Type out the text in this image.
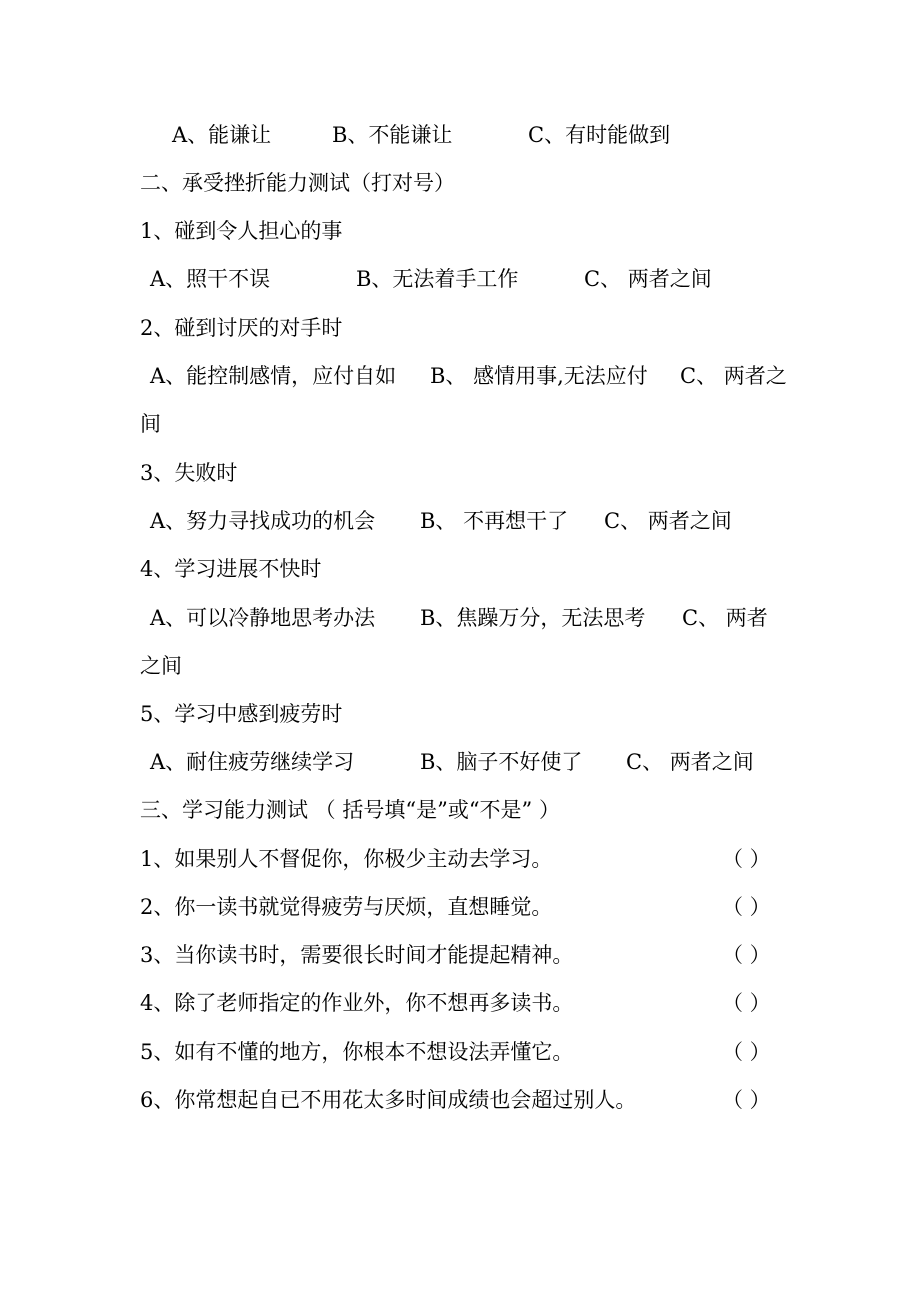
A、能谦让	B、不能谦让	C、有时能做到
二、承受挫折能力测试（打对号）
1、碰到令人担心的事
A、照干不误	B、无法着手工作	C、 两者之间
2、碰到讨厌的对手时
A、能控制感情，应付自如 B、 感情用事,无法应付 C、 两者之
间
3、失败时
A、努力寻找成功的机会 B、 不再想干了 C、 两者之间
4、学习进展不快时
A、可以冷静地思考办法 B、焦躁万分，无法思考 C、 两者
之间
5、学习中感到疲劳时
A、耐住疲劳继续学习	B、脑子不好使了 C、 两者之间
三、学习能力测试 （ 括号填“是”或“不是” ）
1、如果别人不督促你，你极少主动去学习。	（ ）
2、你一读书就觉得疲劳与厌烦，直想睡觉。	（ ）
3、当你读书时，需要很长时间才能提起精神。	（ ）
4、除了老师指定的作业外，你不想再多读书。	（ ）
5、如有不懂的地方，你根本不想设法弄懂它。	（ ）
6、你常想起自已不用花太多时间成绩也会超过别人。	（ ）
